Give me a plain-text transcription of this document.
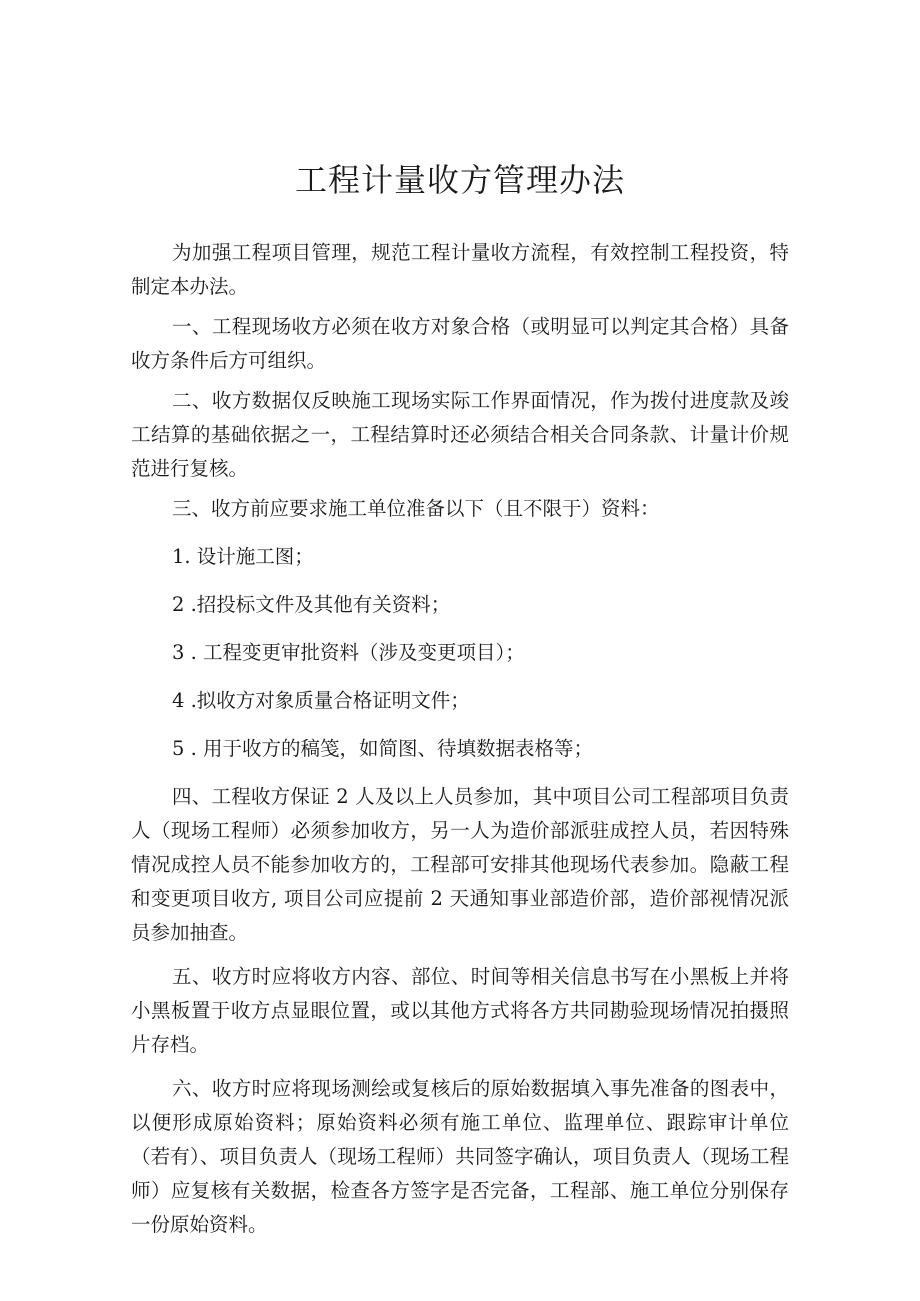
工程计量收方管理办法

为加强工程项目管理，规范工程计量收方流程，有效控制工程投资，特制定本办法。

一、工程现场收方必须在收方对象合格（或明显可以判定其合格）具备收方条件后方可组织。

二、收方数据仅反映施工现场实际工作界面情况，作为拨付进度款及竣工结算的基础依据之一，工程结算时还必须结合相关合同条款、计量计价规范进行复核。

三、收方前应要求施工单位准备以下（且不限于）资料：

1. 设计施工图；

2 .招投标文件及其他有关资料；

3 . 工程变更审批资料（涉及变更项目）；

4 .拟收方对象质量合格证明文件；

5 . 用于收方的稿笺，如简图、待填数据表格等；

四、工程收方保证 2 人及以上人员参加，其中项目公司工程部项目负责人（现场工程师）必须参加收方，另一人为造价部派驻成控人员，若因特殊情况成控人员不能参加收方的，工程部可安排其他现场代表参加。隐蔽工程和变更项目收方, 项目公司应提前 2 天通知事业部造价部，造价部视情况派员参加抽查。

五、收方时应将收方内容、部位、时间等相关信息书写在小黑板上并将小黑板置于收方点显眼位置，或以其他方式将各方共同勘验现场情况拍摄照片存档。

六、收方时应将现场测绘或复核后的原始数据填入事先准备的图表中，以便形成原始资料；原始资料必须有施工单位、监理单位、跟踪审计单位（若有）、项目负责人（现场工程师）共同签字确认，项目负责人（现场工程师）应复核有关数据，检查各方签字是否完备，工程部、施工单位分别保存一份原始资料。
